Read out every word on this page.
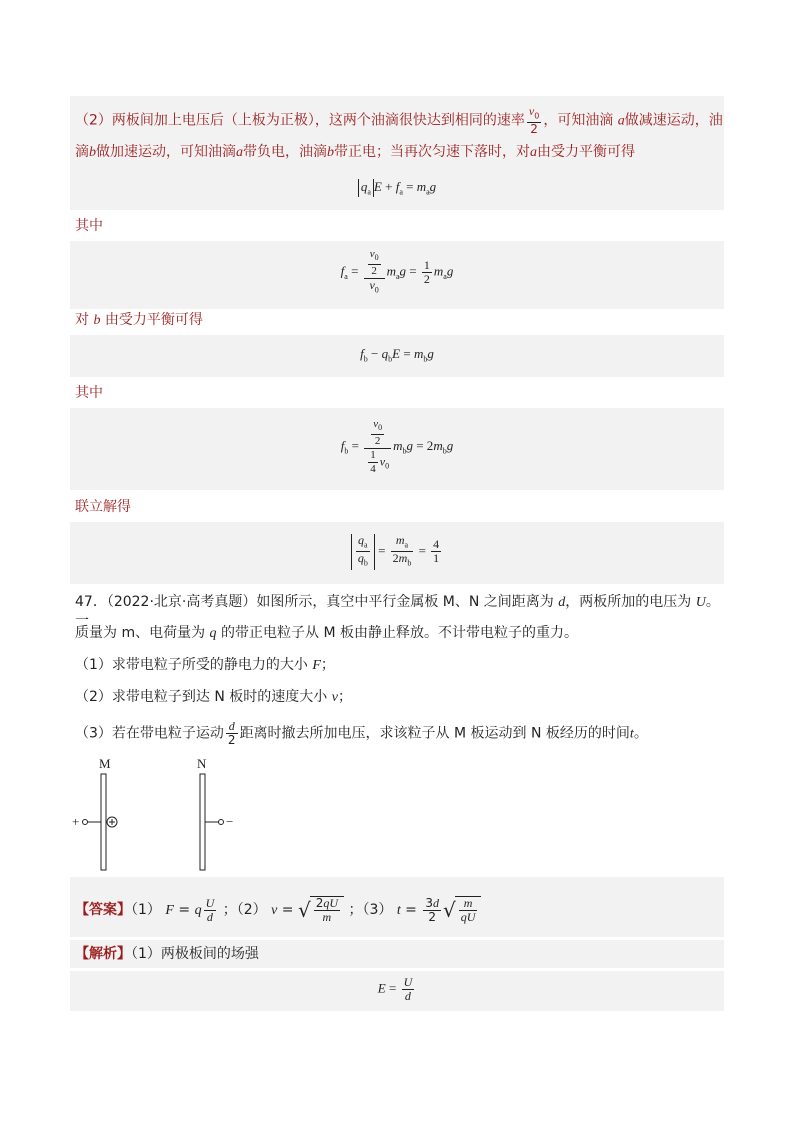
（2）两板间加上电压后（上板为正极），这两个油滴很快达到相同的速率 $\frac{v_0}{2}$ ，可知油滴 a做减速运动，油
滴b做加速运动，可知油滴a带负电，油滴b带正电；当再次匀速下落时，对a由受力平衡可得
$q_a$ $E + f_a = m_ag$
其中
$f_a = \frac{\frac{v_0}{2}}{v_0} m_ag = \frac{1}{2} m_ag$
对 b 由受力平衡可得
$f_b - q_bE = m_bg$
其中
$f_b = \frac{\frac{v_0}{2}}{\frac{1}{4} v_0} m_bg = 2m_bg$
联立解得
$\frac{q_a}{q_b} = \frac{m_a}{2m_b} = \frac{4}{1}$
47．（2022·北京·高考真题）如图所示，真空中平行金属板 M、N 之间距离为 d，两板所加的电压为 U。一
质量为 m、电荷量为 q 的带正电粒子从 M 板由静止释放。不计带电粒子的重力。
（1）求带电粒子所受的静电力的大小 F；
（2）求带电粒子到达 N 板时的速度大小 v；
（3）若在带电粒子运动 $\frac{d}{2}$ 距离时撤去所加电压，求该粒子从 M 板运动到 N 板经历的时间t。
M
+
N
−
【答案】（1） F = q $\frac{U}{d}$ ；（2） v = √ $\frac{2qU}{m}$ ；（3） $t = \frac{3d}{2}$ √ $\frac{m}{qU}$
【解析】（1）两极板间的场强
$E = \frac{U}{d}$
